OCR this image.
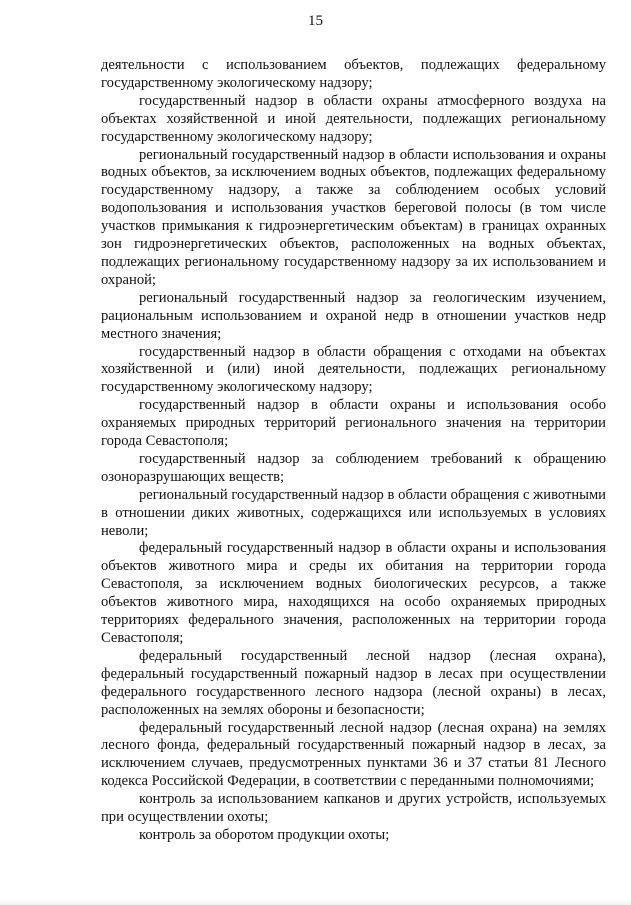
15

деятельности с использованием объектов, подлежащих федеральному государственному экологическому надзору;

государственный надзор в области охраны атмосферного воздуха на объектах хозяйственной и иной деятельности, подлежащих региональному государственному экологическому надзору;

региональный государственный надзор в области использования и охраны водных объектов, за исключением водных объектов, подлежащих федеральному государственному надзору, а также за соблюдением особых условий водопользования и использования участков береговой полосы (в том числе участков примыкания к гидроэнергетическим объектам) в границах охранных зон гидроэнергетических объектов, расположенных на водных объектах, подлежащих региональному государственному надзору за их использованием и охраной;

региональный государственный надзор за геологическим изучением, рациональным использованием и охраной недр в отношении участков недр местного значения;

государственный надзор в области обращения с отходами на объектах хозяйственной и (или) иной деятельности, подлежащих региональному государственному экологическому надзору;

государственный надзор в области охраны и использования особо охраняемых природных территорий регионального значения на территории города Севастополя;

государственный надзор за соблюдением требований к обращению озоноразрушающих веществ;

региональный государственный надзор в области обращения с животными в отношении диких животных, содержащихся или используемых в условиях неволи;

федеральный государственный надзор в области охраны и использования объектов животного мира и среды их обитания на территории города Севастополя, за исключением водных биологических ресурсов, а также объектов животного мира, находящихся на особо охраняемых природных территориях федерального значения, расположенных на территории города Севастополя;

федеральный государственный лесной надзор (лесная охрана), федеральный государственный пожарный надзор в лесах при осуществлении федерального государственного лесного надзора (лесной охраны) в лесах, расположенных на землях обороны и безопасности;

федеральный государственный лесной надзор (лесная охрана) на землях лесного фонда, федеральный государственный пожарный надзор в лесах, за исключением случаев, предусмотренных пунктами 36 и 37 статьи 81 Лесного кодекса Российской Федерации, в соответствии с переданными полномочиями;

контроль за использованием капканов и других устройств, используемых при осуществлении охоты;

контроль за оборотом продукции охоты;
